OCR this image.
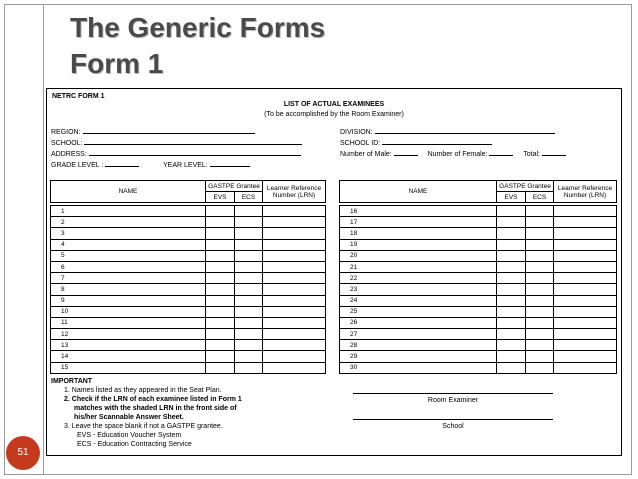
The Generic Forms
Form 1
NETRC FORM 1
LIST OF ACTUAL EXAMINEES
(To be accomplished by the Room Examiner)
REGION:
SCHOOL:
ADDRESS:
GRADE LEVEL :	YEAR LEVEL:
DIVISION:
SCHOOL ID:
Number of Male:	Number of Female:	Total:
NAME	GASTPE Grantee		Learner Reference
Number (LRN)
	EVS	ECS	

1			
2			
3			
4			
5			
6			
7			
8			
9			
10			
11			
12			
13			
14			
15			
NAME	GASTPE Grantee		Learner Reference
Number (LRN)
	EVS	ECS	

16			
17			
18			
19			
20			
21			
22			
23			
24			
25			
26			
27			
28			
29			
30			
IMPORTANT
1. Names listed as they appeared in the Seat Plan.
2. Check if the LRN of each examinee listed in Form 1
matches with the shaded LRN in the front side of
his/her Scannable Answer Sheet.
3. Leave the space blank if not a GASTPE grantee.
EVS - Education Voucher System
ECS - Education Contracting Service
Room Examiner
School
51
